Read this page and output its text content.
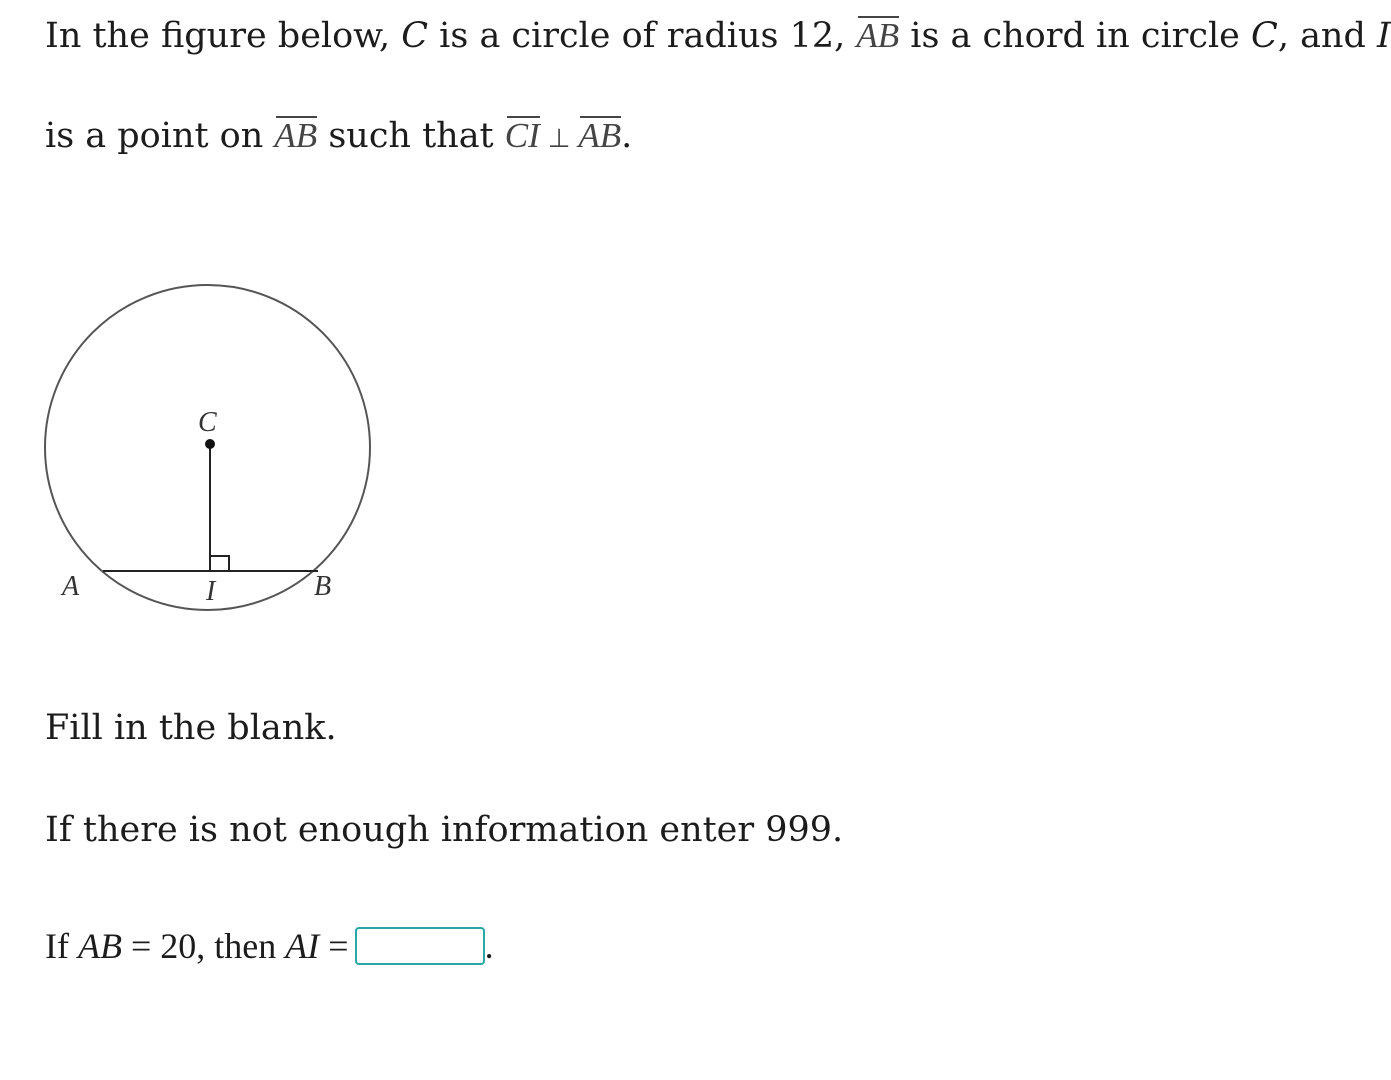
In the figure below, C is a circle of radius 12, AB is a chord in circle C, and I
is a point on AB such that CI ⊥ AB.
C
A	I	B
Fill in the blank.
If there is not enough information enter 999.
If AB = 20, then AI =	.
